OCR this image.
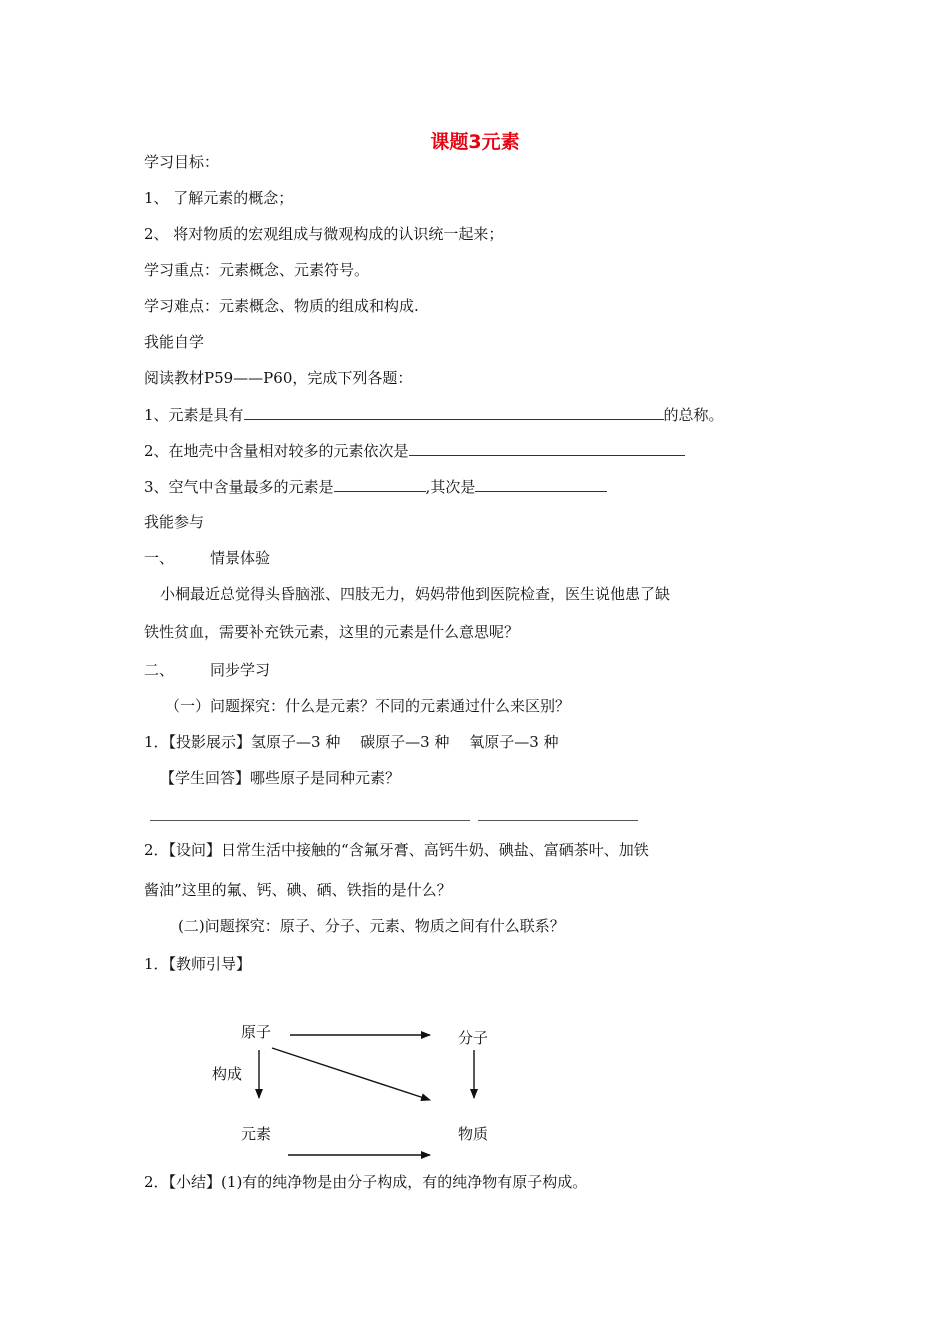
课题3元素
学习目标：
1、 了解元素的概念；
2、 将对物质的宏观组成与微观构成的认识统一起来；
学习重点：元素概念、元素符号。
学习难点：元素概念、物质的组成和构成.
我能自学
阅读教材P59——P60，完成下列各题：
1、元素是具有	的总称。
2、在地壳中含量相对较多的元素依次是
3、空气中含量最多的元素是	,其次是
我能参与
一、 情景体验
小桐最近总觉得头昏脑涨、四肢无力，妈妈带他到医院检查，医生说他患了缺
铁性贫血，需要补充铁元素，这里的元素是什么意思呢？
二、 同步学习
（一）问题探究：什么是元素？不同的元素通过什么来区别？
1．【投影展示】氢原子—3 种　 碳原子—3 种　 氧原子—3 种
【学生回答】哪些原子是同种元素？
2．【设问】日常生活中接触的“含氟牙膏、高钙牛奶、碘盐、富硒茶叶、加铁
酱油”这里的氟、钙、碘、硒、铁指的是什么？
(二)问题探究：原子、分子、元素、物质之间有什么联系？
1．【教师引导】
原子	分子
构成
元素	物质
2．【小结】(1)有的纯净物是由分子构成，有的纯净物有原子构成。
